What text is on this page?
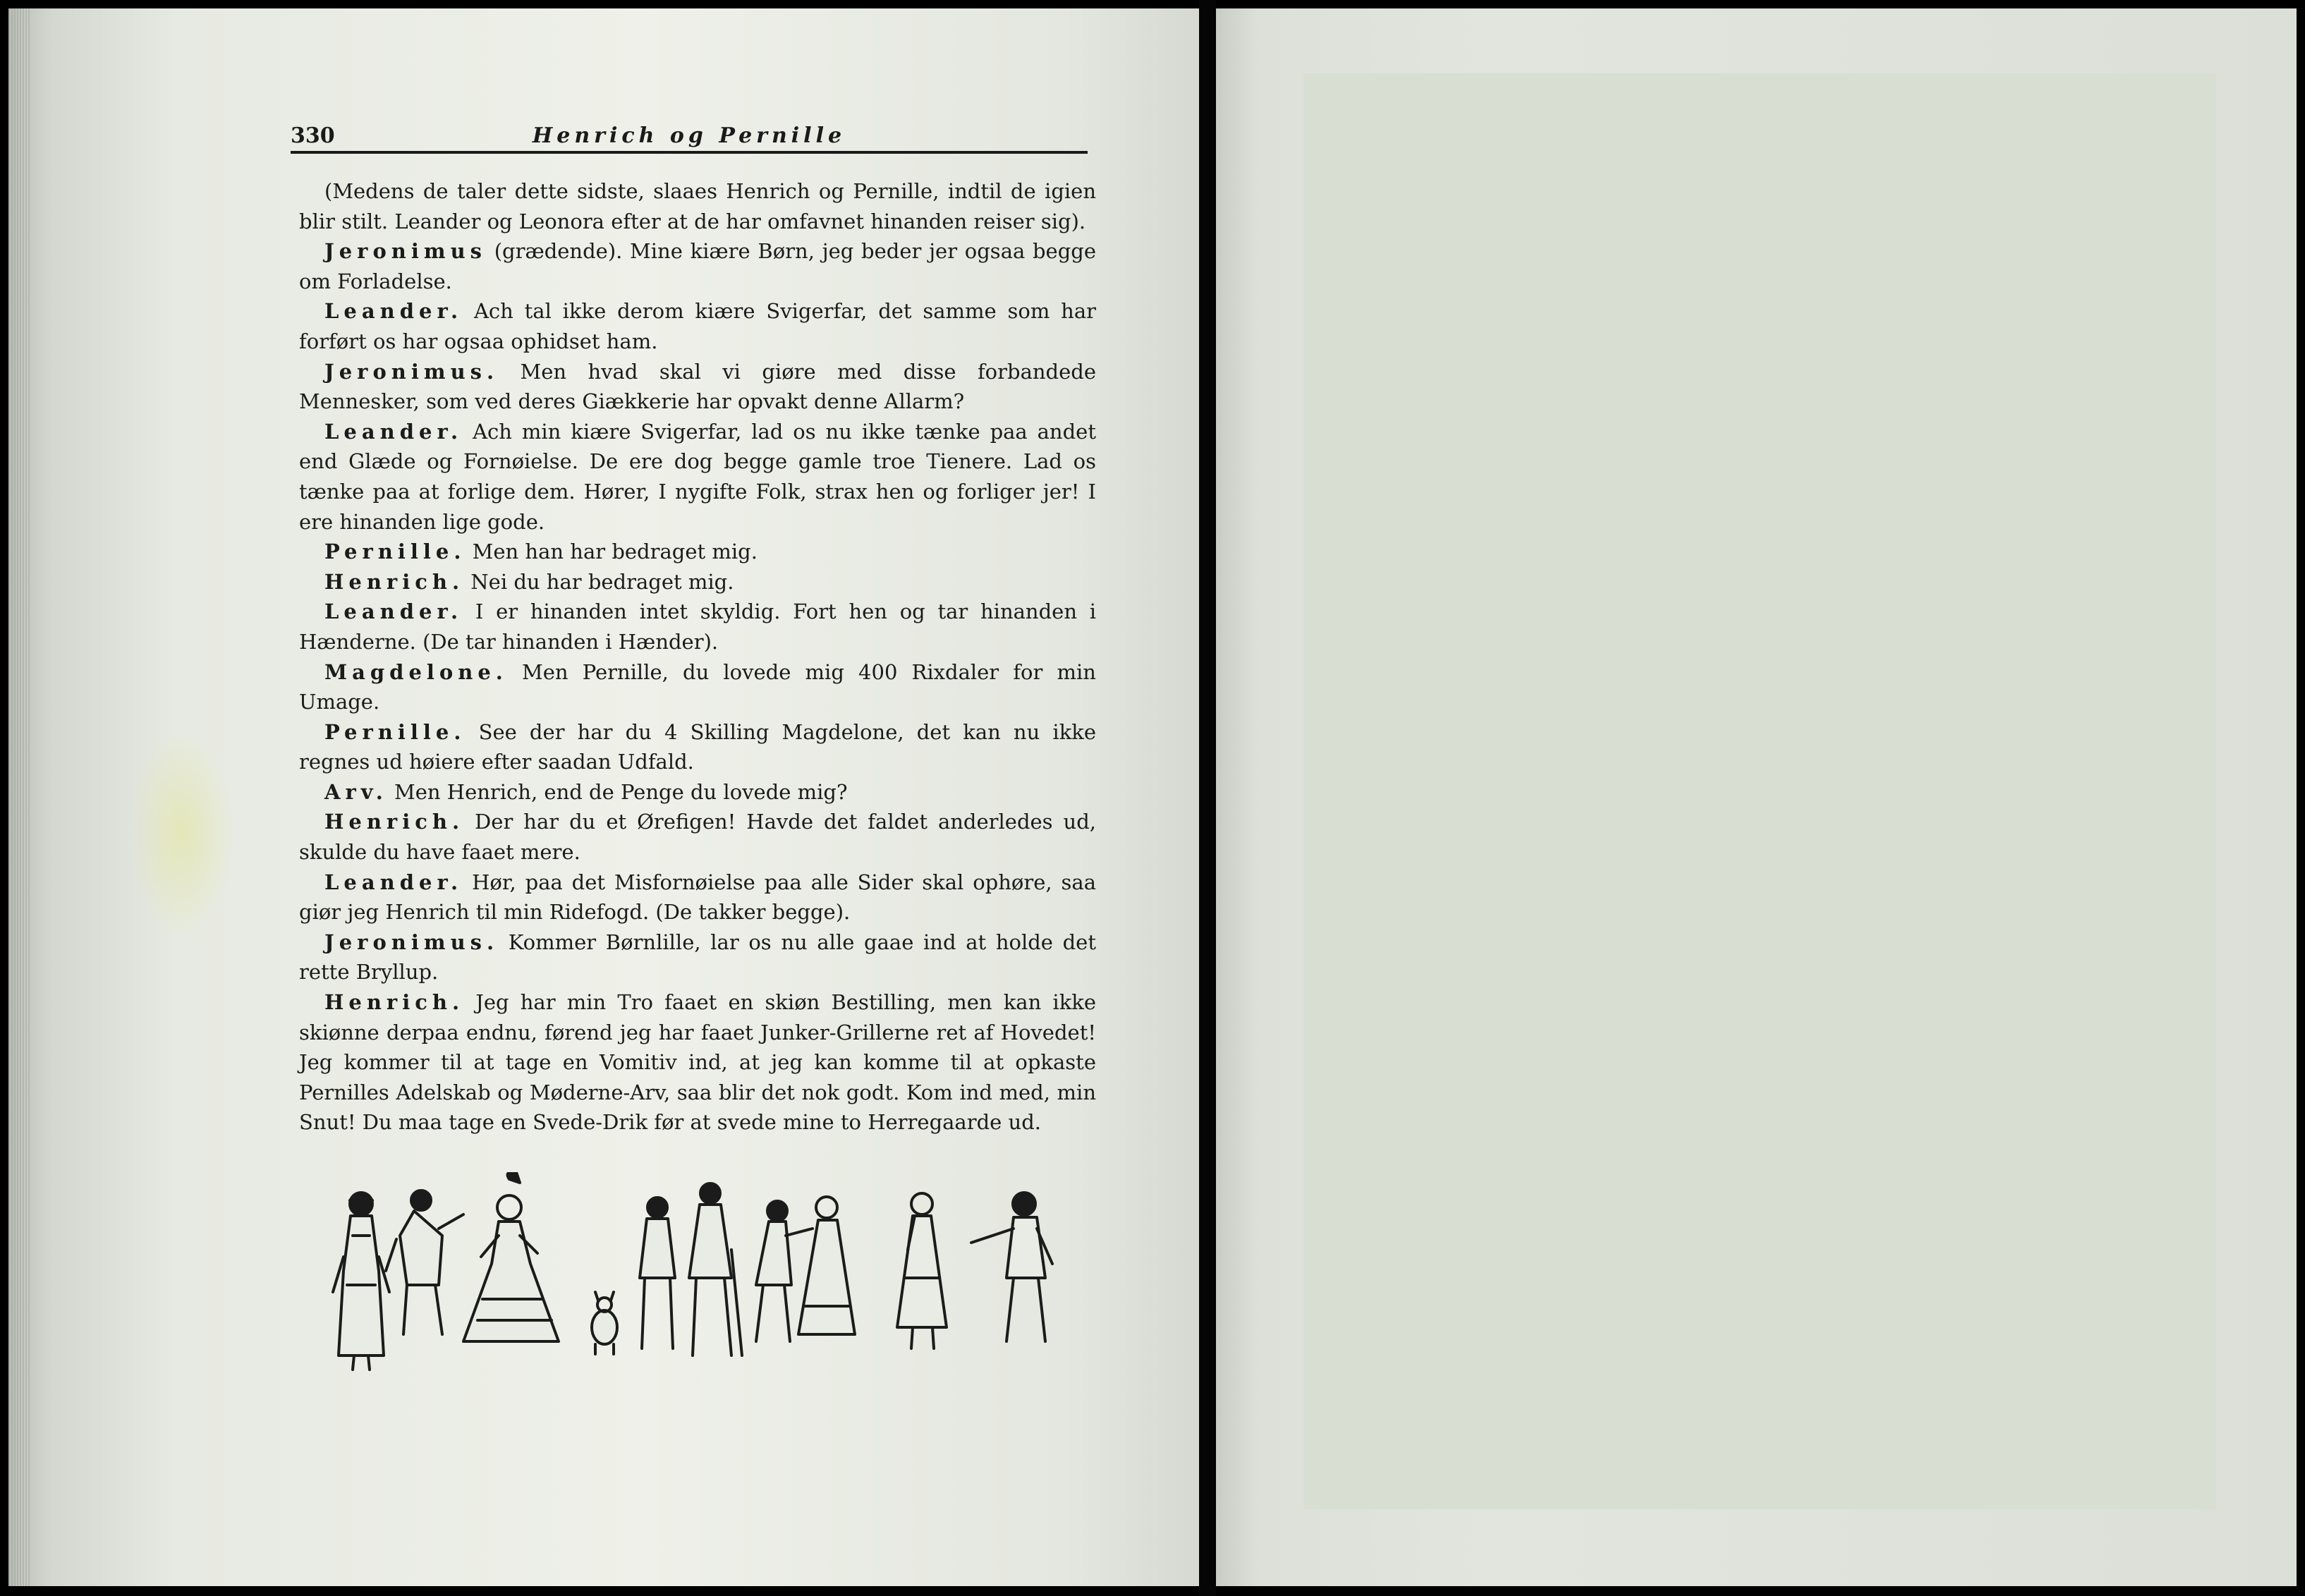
330	Henrich og Pernille

(Medens de taler dette sidste, slaaes Henrich og Pernille, indtil de igien blir stilt. Leander og Leonora efter at de har omfavnet hinanden reiser sig).

Jeronimus (grædende). Mine kiære Børn, jeg beder jer ogsaa begge om Forladelse.

Leander. Ach tal ikke derom kiære Svigerfar, det samme som har forført os har ogsaa ophidset ham.

Jeronimus. Men hvad skal vi giøre med disse forbandede Mennesker, som ved deres Giækkerie har opvakt denne Allarm?

Leander. Ach min kiære Svigerfar, lad os nu ikke tænke paa andet end Glæde og Fornøielse. De ere dog begge gamle troe Tienere. Lad os tænke paa at forlige dem. Hører, I nygifte Folk, strax hen og forliger jer! I ere hinanden lige gode.

Pernille. Men han har bedraget mig.

Henrich. Nei du har bedraget mig.

Leander. I er hinanden intet skyldig. Fort hen og tar hinanden i Hænderne. (De tar hinanden i Hænder).

Magdelone. Men Pernille, du lovede mig 400 Rixdaler for min Umage.

Pernille. See der har du 4 Skilling Magdelone, det kan nu ikke regnes ud høiere efter saadan Udfald.

Arv. Men Henrich, end de Penge du lovede mig?

Henrich. Der har du et Ørefigen! Havde det faldet anderledes ud, skulde du have faaet mere.

Leander. Hør, paa det Misfornøielse paa alle Sider skal ophøre, saa giør jeg Henrich til min Ridefogd. (De takker begge).

Jeronimus. Kommer Børnlille, lar os nu alle gaae ind at holde det rette Bryllup.

Henrich. Jeg har min Tro faaet en skiøn Bestilling, men kan ikke skiønne derpaa endnu, førend jeg har faaet Junker-Grillerne ret af Hovedet! Jeg kommer til at tage en Vomitiv ind, at jeg kan komme til at opkaste Pernilles Adelskab og Møderne-Arv, saa blir det nok godt. Kom ind med, min Snut! Du maa tage en Svede-Drik før at svede mine to Herregaarde ud.
